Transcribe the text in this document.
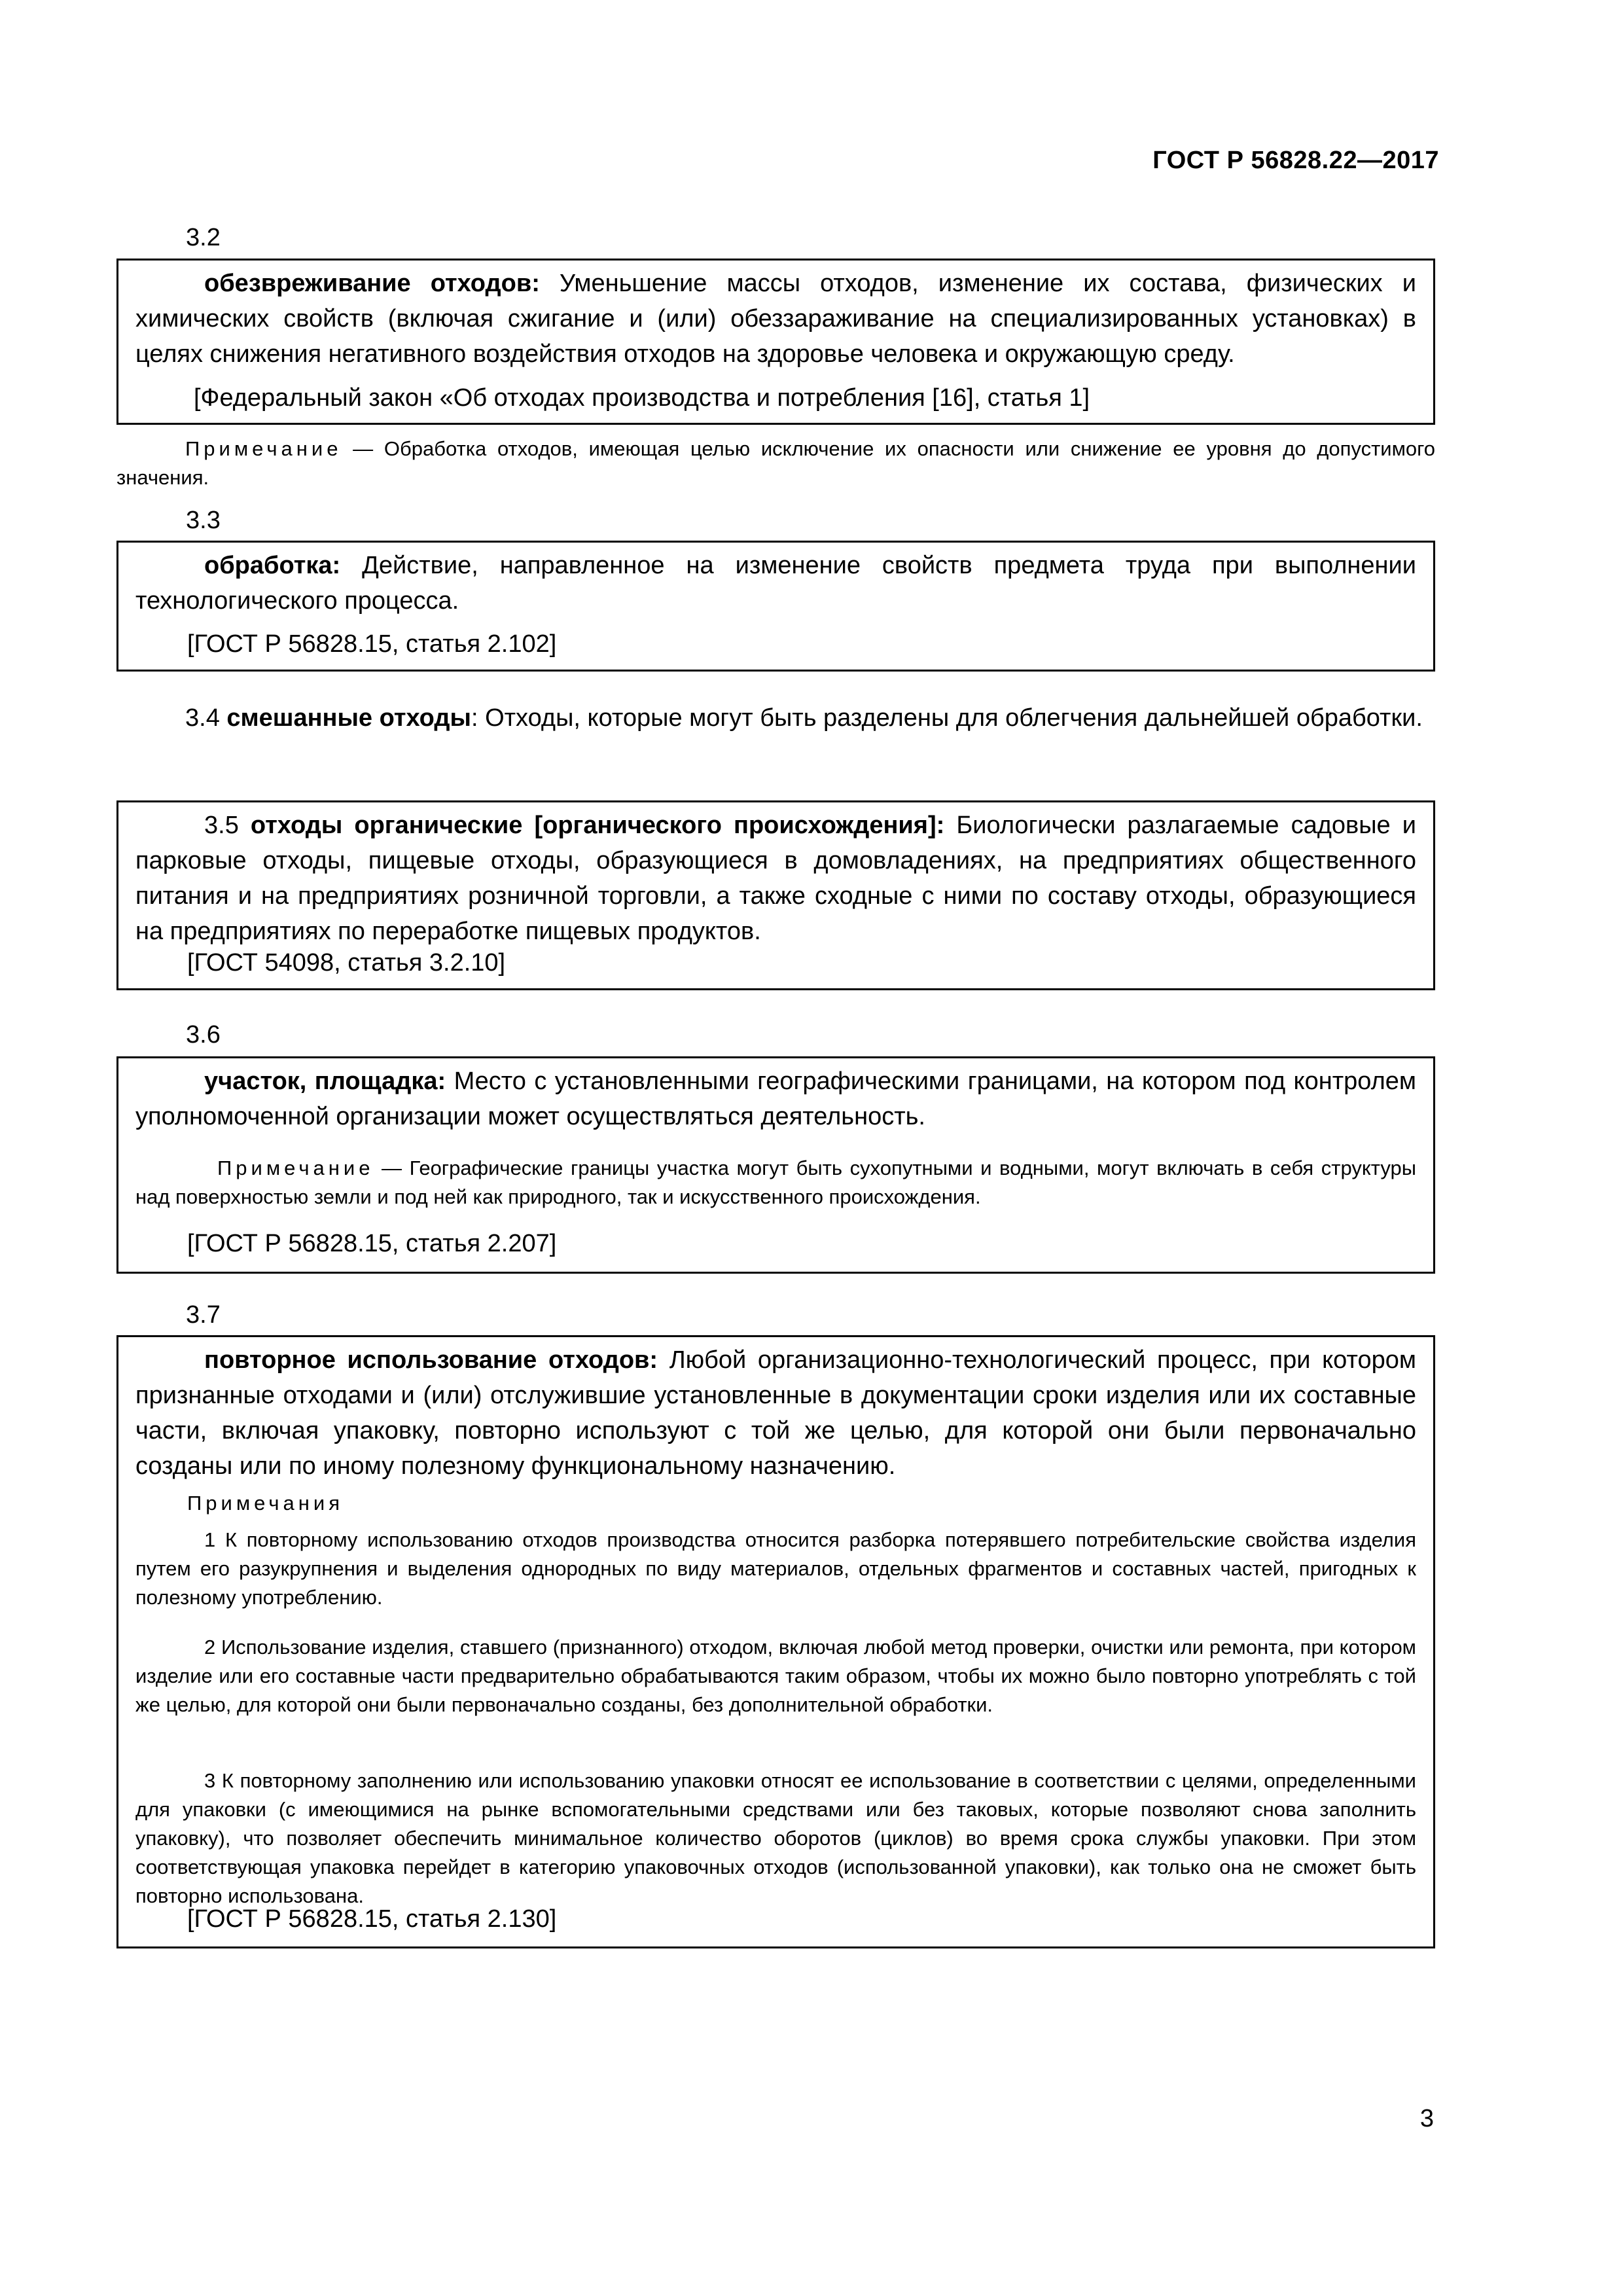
ГОСТ Р 56828.22—2017
3.2
обезвреживание отходов: Уменьшение массы отходов, изменение их состава, физических и химических свойств (включая сжигание и (или) обеззараживание на специализированных установках) в целях снижения негативного воздействия отходов на здоровье человека и окружающую среду.
[Федеральный закон «Об отходах производства и потребления [16], статья 1]
Примечание — Обработка отходов, имеющая целью исключение их опасности или снижение ее уровня до допустимого значения.
3.3
обработка: Действие, направленное на изменение свойств предмета труда при выполнении технологического процесса.
[ГОСТ Р 56828.15, статья 2.102]
3.4 смешанные отходы: Отходы, которые могут быть разделены для облегчения дальнейшей обработки.
3.5 отходы органические [органического происхождения]: Биологически разлагаемые садовые и парковые отходы, пищевые отходы, образующиеся в домовладениях, на предприятиях общественного питания и на предприятиях розничной торговли, а также сходные с ними по составу отходы, образующиеся на предприятиях по переработке пищевых продуктов.
[ГОСТ 54098, статья 3.2.10]
3.6
участок, площадка: Место с установленными географическими границами, на котором под контролем уполномоченной организации может осуществляться деятельность.
Примечание — Географические границы участка могут быть сухопутными и водными, могут включать в себя структуры над поверхностью земли и под ней как природного, так и искусственного происхождения.
[ГОСТ Р 56828.15, статья 2.207]
3.7
повторное использование отходов: Любой организационно-технологический процесс, при котором признанные отходами и (или) отслужившие установленные в документации сроки изделия или их составные части, включая упаковку, повторно используют с той же целью, для которой они были первоначально созданы или по иному полезному функциональному назначению.
Примечания
1 К повторному использованию отходов производства относится разборка потерявшего потребительские свойства изделия путем его разукрупнения и выделения однородных по виду материалов, отдельных фрагментов и составных частей, пригодных к полезному употреблению.
2 Использование изделия, ставшего (признанного) отходом, включая любой метод проверки, очистки или ремонта, при котором изделие или его составные части предварительно обрабатываются таким образом, чтобы их можно было повторно употреблять с той же целью, для которой они были первоначально созданы, без дополнительной обработки.
3 К повторному заполнению или использованию упаковки относят ее использование в соответствии с целями, определенными для упаковки (с имеющимися на рынке вспомогательными средствами или без таковых, которые позволяют снова заполнить упаковку), что позволяет обеспечить минимальное количество оборотов (циклов) во время срока службы упаковки. При этом соответствующая упаковка перейдет в категорию упаковочных отходов (использованной упаковки), как только она не сможет быть повторно использована.
[ГОСТ Р 56828.15, статья 2.130]
3
